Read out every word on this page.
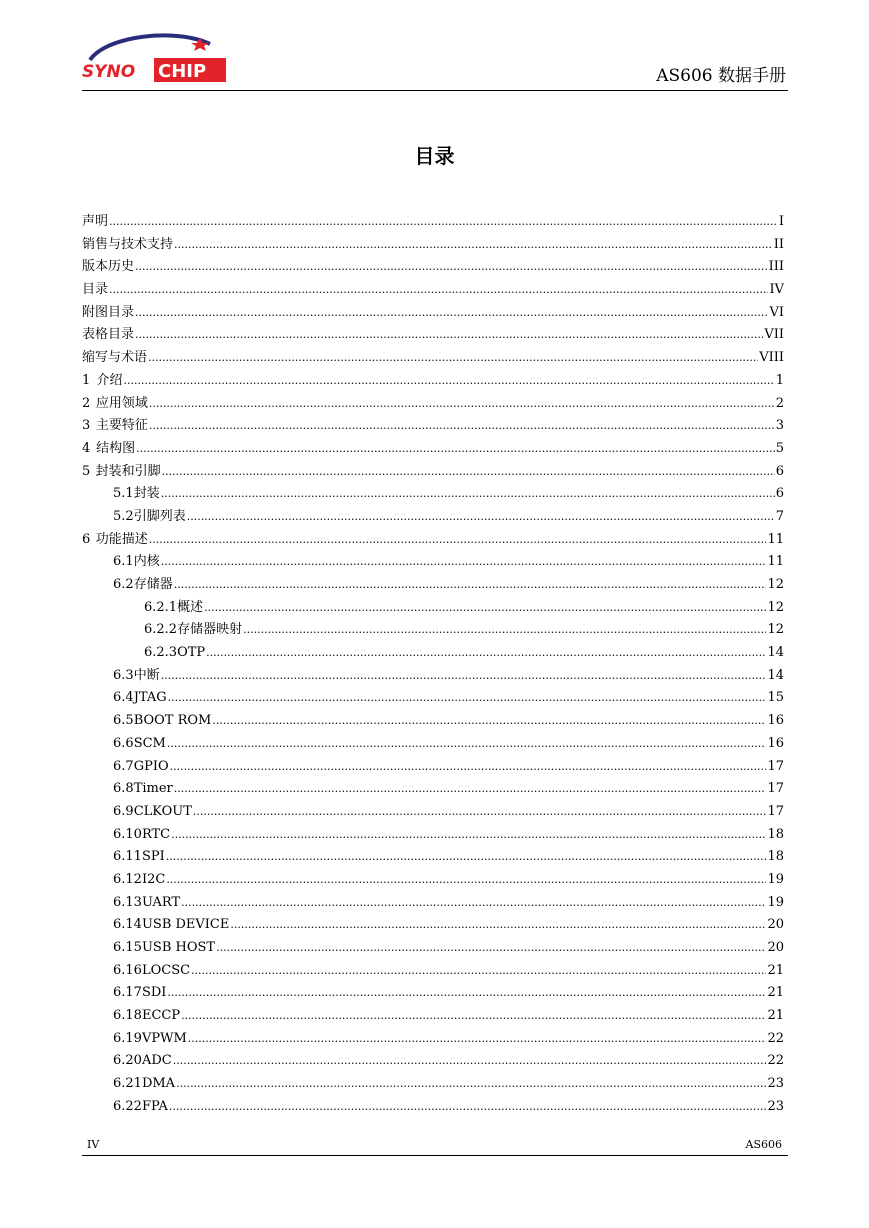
SYNO CHIP	AS606 数据手册
目录
声明 .....	I
销售与技术支持 .....	II
版本历史 .....	III
目录 .....	IV
附图目录 .....	VI
表格目录 .....	VII
缩写与术语 .....	VIII
1 介绍 .....	1
2 应用领域 .....	2
3 主要特征 .....	3
4 结构图 .....	5
5 封装和引脚 .....	6
5.1 封装 .....	6
5.2 引脚列表 .....	7
6 功能描述 .....	11
6.1 内核 .....	11
6.2 存储器 .....	12
6.2.1 概述 .....	12
6.2.2 存储器映射 .....	12
6.2.3 OTP .....	14
6.3 中断 .....	14
6.4 JTAG .....	15
6.5 BOOT ROM .....	16
6.6 SCM .....	16
6.7 GPIO .....	17
6.8 Timer .....	17
6.9 CLKOUT .....	17
6.10 RTC .....	18
6.11 SPI .....	18
6.12 I2C .....	19
6.13 UART .....	19
6.14 USB DEVICE .....	20
6.15 USB HOST .....	20
6.16 LOCSC .....	21
6.17 SDI .....	21
6.18 ECCP .....	21
6.19 VPWM .....	22
6.20 ADC .....	22
6.21 DMA .....	23
6.22 FPA .....	23
IV	AS606
